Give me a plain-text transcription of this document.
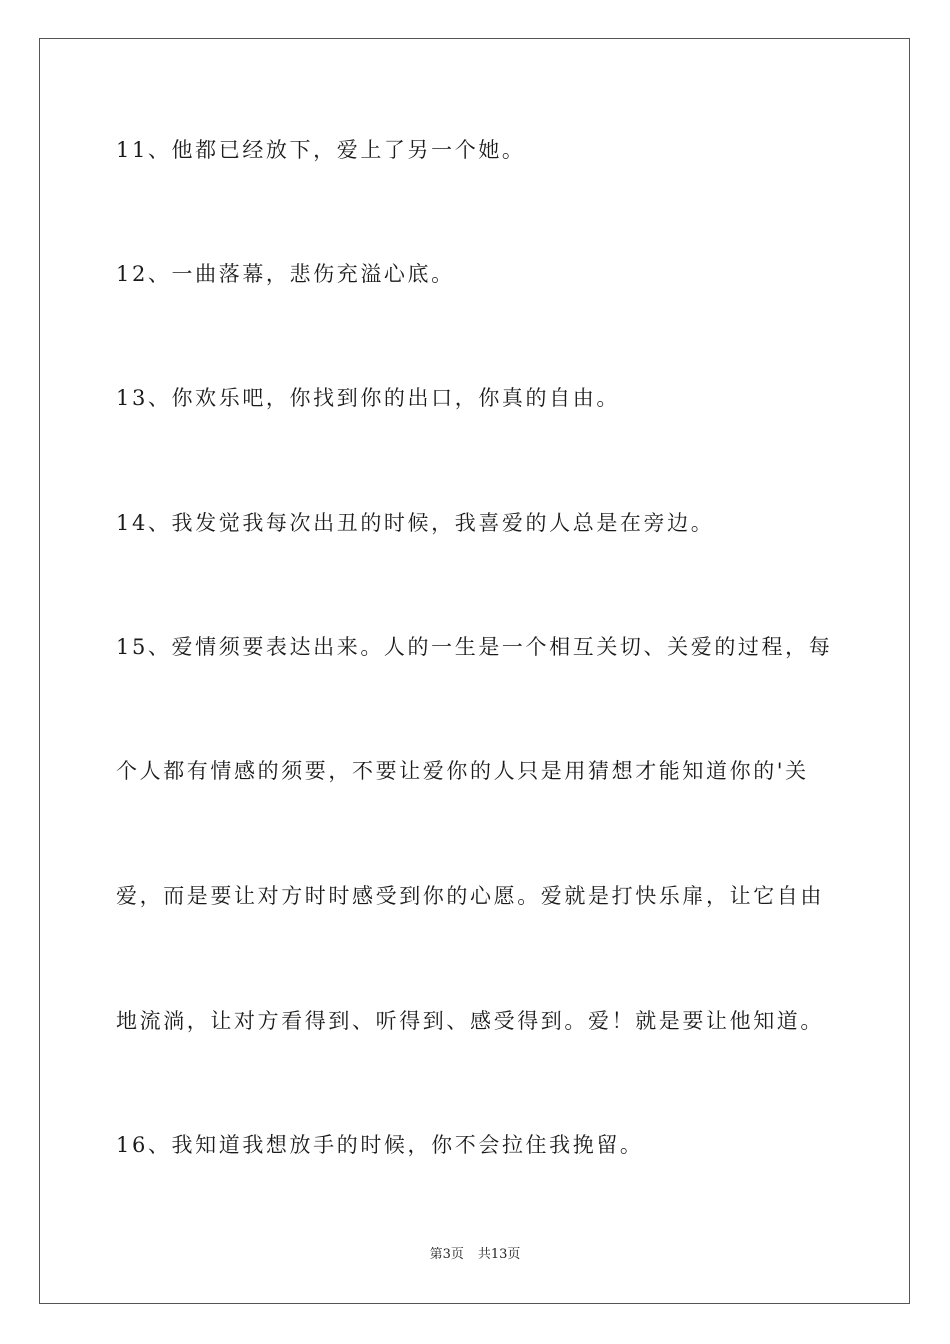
11、他都已经放下，爱上了另一个她。
12、一曲落幕，悲伤充溢心底。
13、你欢乐吧，你找到你的出口，你真的自由。
14、我发觉我每次出丑的时候，我喜爱的人总是在旁边。
15、爱情须要表达出来。人的一生是一个相互关切、关爱的过程，每
个人都有情感的须要，不要让爱你的人只是用猜想才能知道你的'关
爱，而是要让对方时时感受到你的心愿。爱就是打快乐扉，让它自由
地流淌，让对方看得到、听得到、感受得到。爱！就是要让他知道。
16、我知道我想放手的时候，你不会拉住我挽留。
第3页 共13页
